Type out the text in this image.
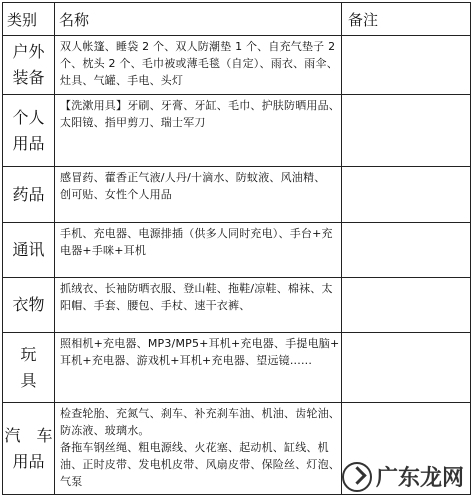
类别	名称	备注

户外
装备	双人帐篷、睡袋 2 个、双人防潮垫 1 个、自充气垫子 2
个、枕头 2 个、毛巾被或薄毛毯（自定）、雨衣、雨伞、
灶具、气罐、手电、头灯	

个人
用品	【洗漱用具】牙刷、牙膏、牙缸、毛巾、护肤防晒用品、
太阳镜、指甲剪刀、瑞士军刀	

药品	感冒药、藿香正气液/人丹/十滴水、防蚊液、风油精、
创可贴、女性个人用品	

通讯	手机、充电器、电源排插（供多人同时充电）、手台+充
电器+手咪+耳机	

衣物	抓绒衣、长袖防晒衣服、登山鞋、拖鞋/凉鞋、棉袜、太
阳帽、手套、腰包、手杖、速干衣裤、	

玩
具	照相机+充电器、MP3/MP5+耳机+充电器、手提电脑+
耳机+充电器、游戏机+耳机+充电器、望远镜......	

汽　车
用品	检查轮胎、充氮气、刹车、补充刹车油、机油、齿轮油、
防冻液、玻璃水。
备拖车钢丝绳、粗电源线、火花塞、起动机、缸线、机
油、正时皮带、发电机皮带、风扇皮带、保险丝、灯泡、
气泵	
		广东龙网
